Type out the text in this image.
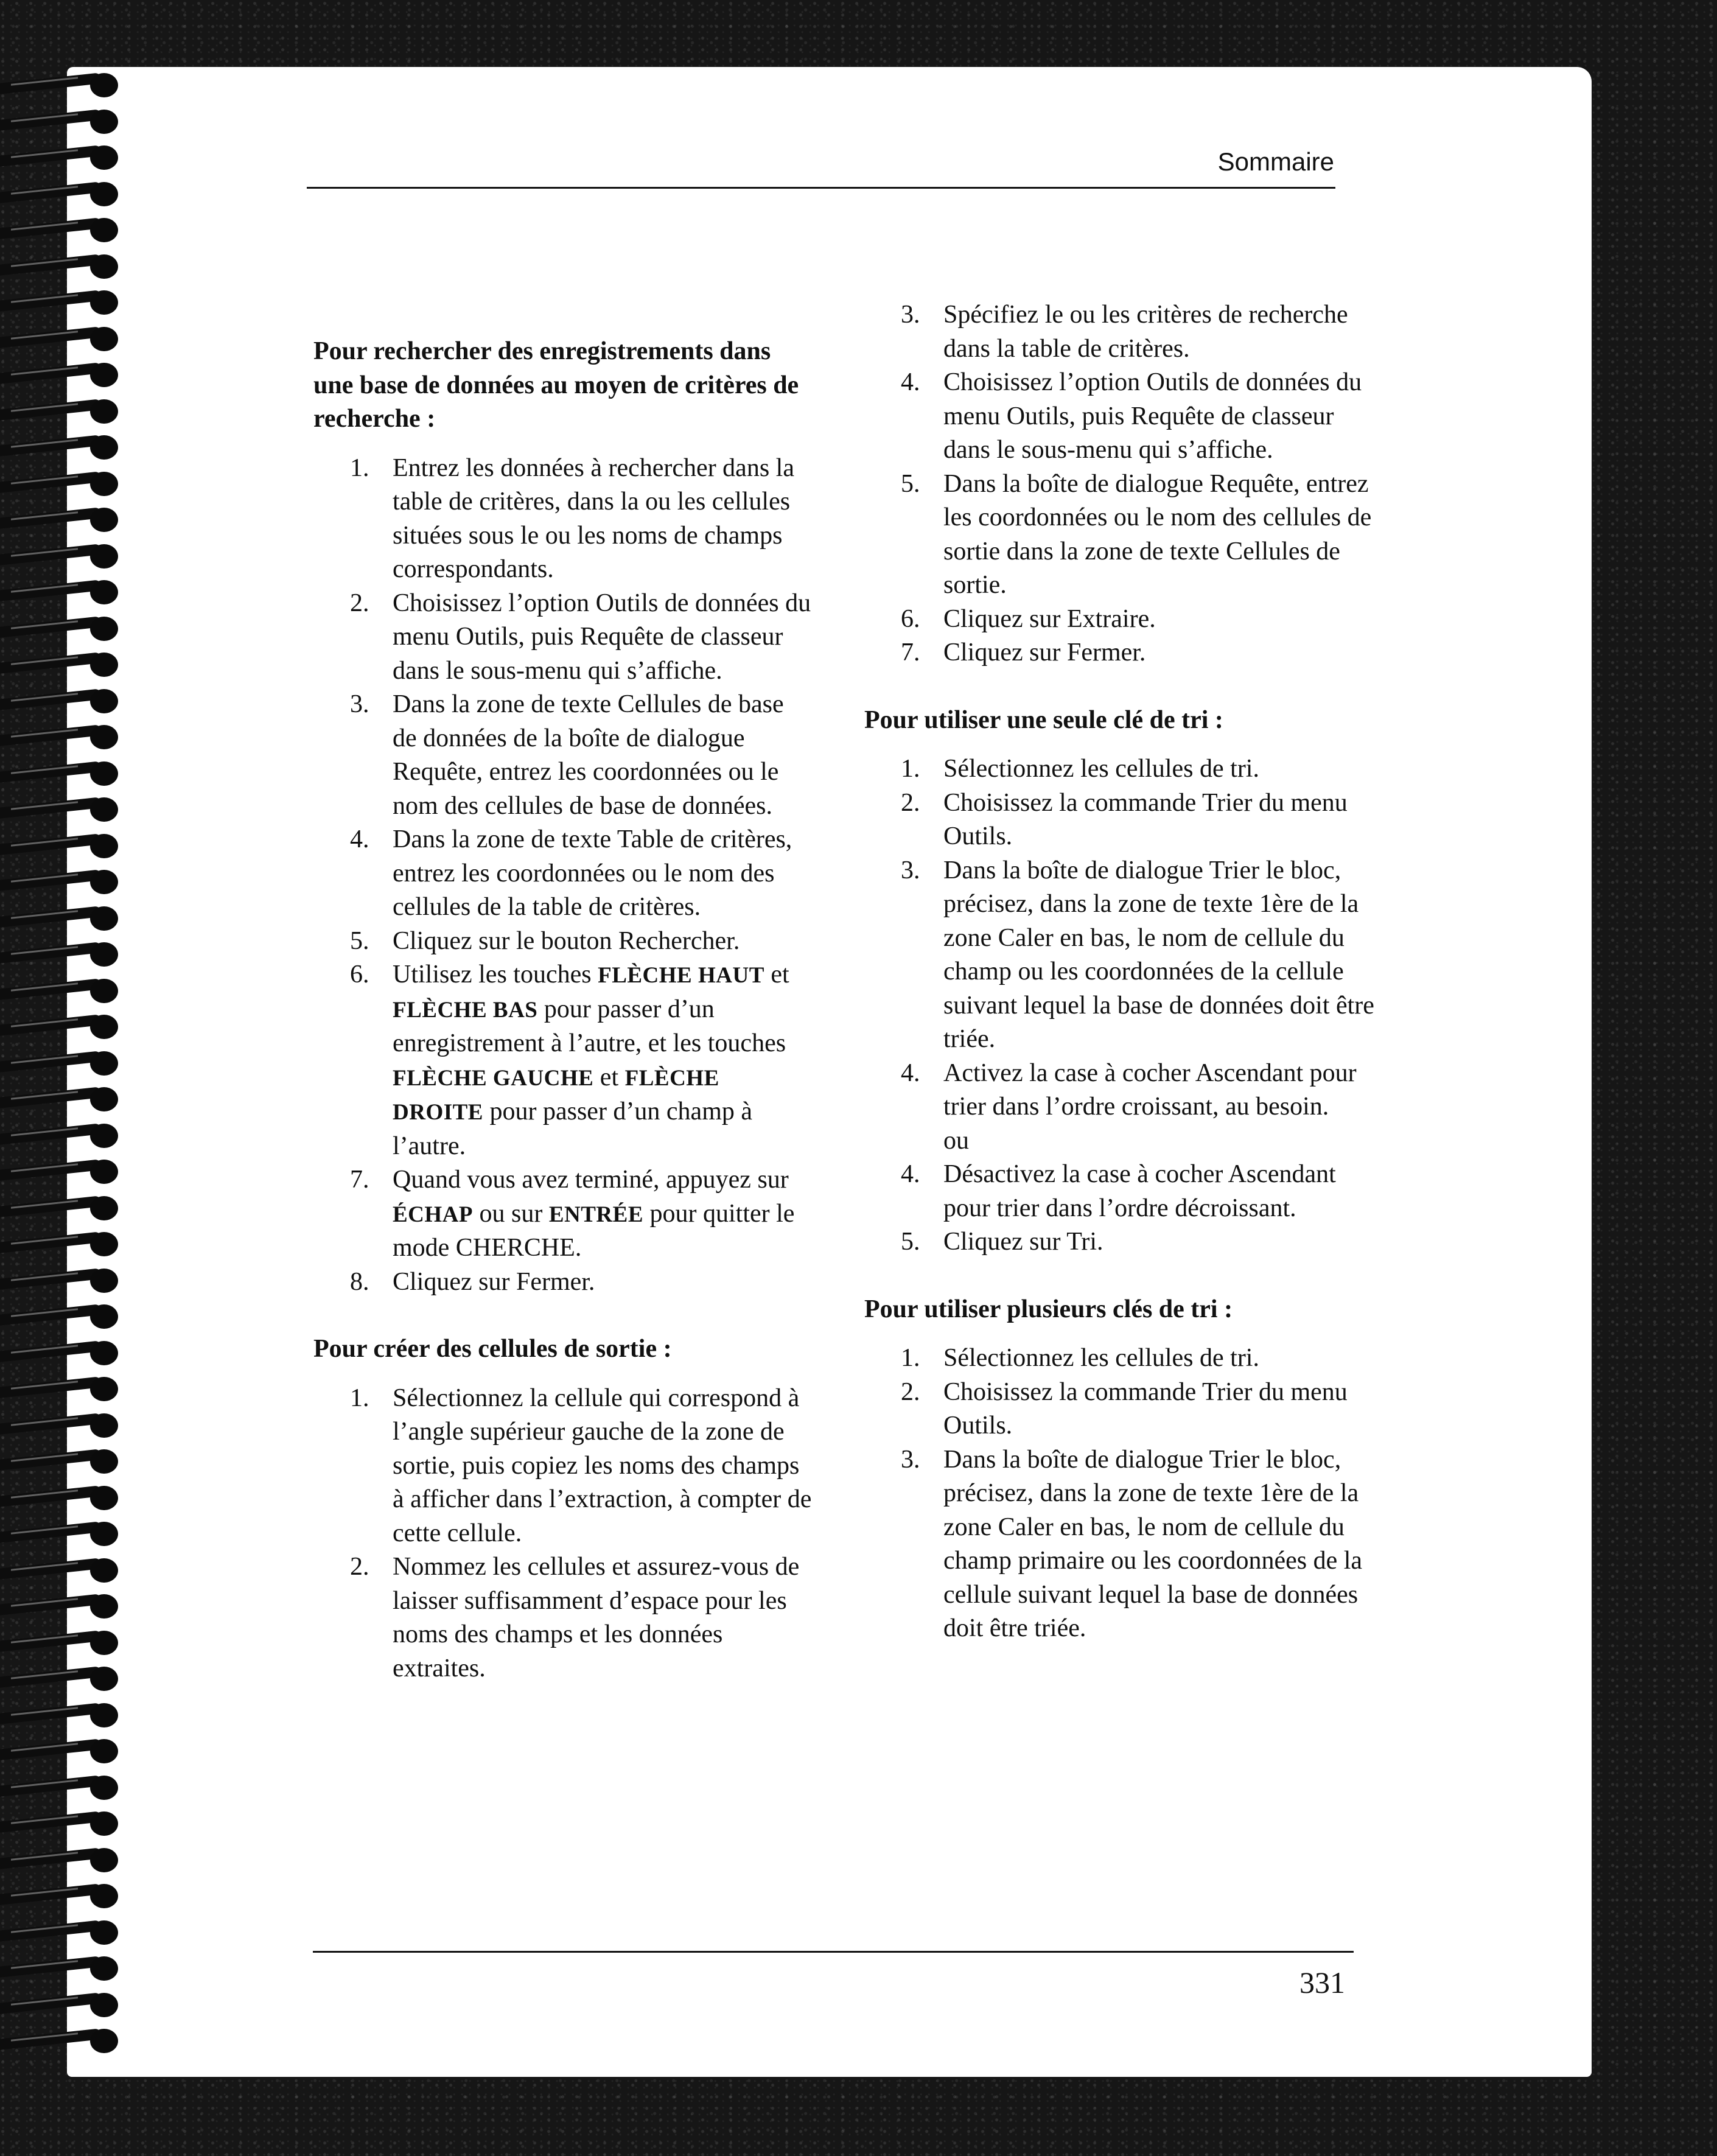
Sommaire
Pour rechercher des enregistrements dans une base de données au moyen de critères de recherche :
1. Entrez les données à rechercher dans la table de critères, dans la ou les cellules situées sous le ou les noms de champs correspondants.
2. Choisissez l’option Outils de données du menu Outils, puis Requête de classeur dans le sous-menu qui s’affiche.
3. Dans la zone de texte Cellules de base de données de la boîte de dialogue Requête, entrez les coordonnées ou le nom des cellules de base de données.
4. Dans la zone de texte Table de critères, entrez les coordonnées ou le nom des cellules de la table de critères.
5. Cliquez sur le bouton Rechercher.
6. Utilisez les touches FLÈCHE HAUT et FLÈCHE BAS pour passer d’un enregistrement à l’autre, et les touches FLÈCHE GAUCHE et FLÈCHE DROITE pour passer d’un champ à l’autre.
7. Quand vous avez terminé, appuyez sur ÉCHAP ou sur ENTRÉE pour quitter le mode CHERCHE.
8. Cliquez sur Fermer.
Pour créer des cellules de sortie :
1. Sélectionnez la cellule qui correspond à l’angle supérieur gauche de la zone de sortie, puis copiez les noms des champs à afficher dans l’extraction, à compter de cette cellule.
2. Nommez les cellules et assurez-vous de laisser suffisamment d’espace pour les noms des champs et les données extraites.
3. Spécifiez le ou les critères de recherche dans la table de critères.
4. Choisissez l’option Outils de données du menu Outils, puis Requête de classeur dans le sous-menu qui s’affiche.
5. Dans la boîte de dialogue Requête, entrez les coordonnées ou le nom des cellules de sortie dans la zone de texte Cellules de sortie.
6. Cliquez sur Extraire.
7. Cliquez sur Fermer.
Pour utiliser une seule clé de tri :
1. Sélectionnez les cellules de tri.
2. Choisissez la commande Trier du menu Outils.
3. Dans la boîte de dialogue Trier le bloc, précisez, dans la zone de texte 1ère de la zone Caler en bas, le nom de cellule du champ ou les coordonnées de la cellule suivant lequel la base de données doit être triée.
4. Activez la case à cocher Ascendant pour trier dans l’ordre croissant, au besoin.
ou
4. Désactivez la case à cocher Ascendant pour trier dans l’ordre décroissant.
5. Cliquez sur Tri.
Pour utiliser plusieurs clés de tri :
1. Sélectionnez les cellules de tri.
2. Choisissez la commande Trier du menu Outils.
3. Dans la boîte de dialogue Trier le bloc, précisez, dans la zone de texte 1ère de la zone Caler en bas, le nom de cellule du champ primaire ou les coordonnées de la cellule suivant lequel la base de données doit être triée.
331
